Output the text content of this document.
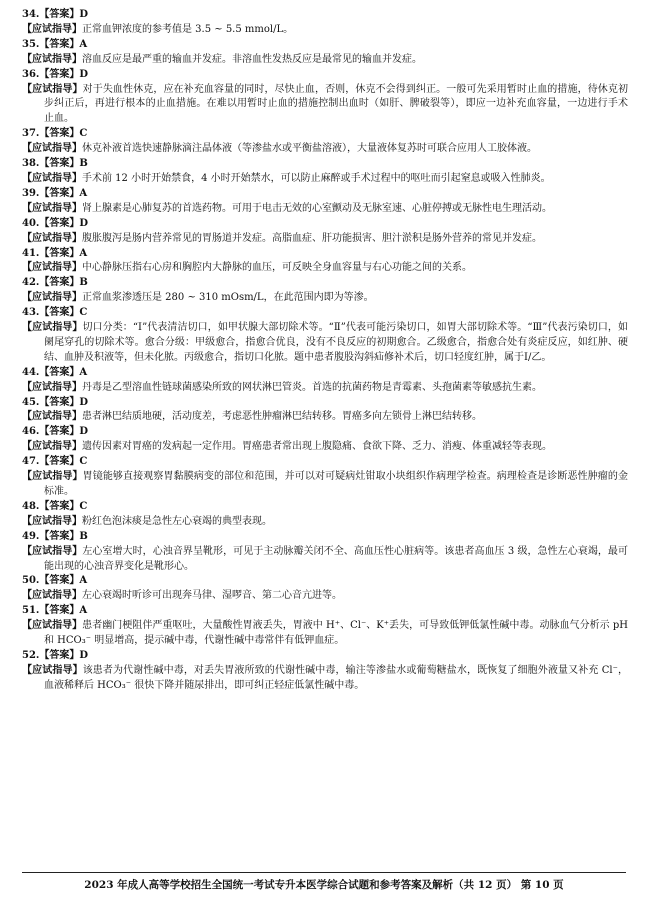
34.【答案】D

【应试指导】正常血钾浓度的参考值是 3.5 ~ 5.5 mmol/L。

35.【答案】A

【应试指导】溶血反应是最严重的输血并发症。非溶血性发热反应是最常见的输血并发症。

36.【答案】D

【应试指导】对于失血性休克，应在补充血容量的同时，尽快止血，否则，休克不会得到纠正。一般可先采用暂时止血的措施，待休克初步纠正后，再进行根本的止血措施。在难以用暂时止血的措施控制出血时（如肝、脾破裂等），即应一边补充血容量，一边进行手术止血。

37.【答案】C

【应试指导】休克补液首选快速静脉滴注晶体液（等渗盐水或平衡盐溶液），大量液体复苏时可联合应用人工胶体液。

38.【答案】B

【应试指导】手术前 12 小时开始禁食，4 小时开始禁水，可以防止麻醉或手术过程中的呕吐而引起窒息或吸入性肺炎。

39.【答案】A

【应试指导】肾上腺素是心肺复苏的首选药物。可用于电击无效的心室颤动及无脉室速、心脏停搏或无脉性电生理活动。

40.【答案】D

【应试指导】腹胀腹泻是肠内营养常见的胃肠道并发症。高脂血症、肝功能损害、胆汁淤积是肠外营养的常见并发症。

41.【答案】A

【应试指导】中心静脉压指右心房和胸腔内大静脉的血压，可反映全身血容量与右心功能之间的关系。

42.【答案】B

【应试指导】正常血浆渗透压是 280 ~ 310 mOsm/L，在此范围内即为等渗。

43.【答案】C

【应试指导】切口分类：“Ⅰ”代表清洁切口，如甲状腺大部切除术等。“Ⅱ”代表可能污染切口，如胃大部切除术等。“Ⅲ”代表污染切口，如阑尾穿孔的切除术等。愈合分级：甲级愈合，指愈合优良，没有不良反应的初期愈合。乙级愈合，指愈合处有炎症反应，如红肿、硬结、血肿及积液等，但未化脓。丙级愈合，指切口化脓。题中患者腹股沟斜疝修补术后，切口轻度红肿，属于Ⅰ/乙。

44.【答案】A

【应试指导】丹毒是乙型溶血性链球菌感染所致的网状淋巴管炎。首选的抗菌药物是青霉素、头孢菌素等敏感抗生素。

45.【答案】D

【应试指导】患者淋巴结质地硬，活动度差，考虑恶性肿瘤淋巴结转移。胃癌多向左锁骨上淋巴结转移。

46.【答案】D

【应试指导】遗传因素对胃癌的发病起一定作用。胃癌患者常出现上腹隐痛、食欲下降、乏力、消瘦、体重减轻等表现。

47.【答案】C

【应试指导】胃镜能够直接观察胃黏膜病变的部位和范围，并可以对可疑病灶钳取小块组织作病理学检查。病理检查是诊断恶性肿瘤的金标准。

48.【答案】C

【应试指导】粉红色泡沫痰是急性左心衰竭的典型表现。

49.【答案】B

【应试指导】左心室增大时，心浊音界呈靴形，可见于主动脉瓣关闭不全、高血压性心脏病等。该患者高血压 3 级，急性左心衰竭，最可能出现的心浊音界变化是靴形心。

50.【答案】A

【应试指导】左心衰竭时听诊可出现奔马律、湿啰音、第二心音亢进等。

51.【答案】A

【应试指导】患者幽门梗阻伴严重呕吐，大量酸性胃液丢失，胃液中 H⁺、Cl⁻、K⁺丢失，可导致低钾低氯性碱中毒。动脉血气分析示 pH 和 HCO₃⁻ 明显增高，提示碱中毒，代谢性碱中毒常伴有低钾血症。

52.【答案】D

【应试指导】该患者为代谢性碱中毒，对丢失胃液所致的代谢性碱中毒，输注等渗盐水或葡萄糖盐水，既恢复了细胞外液量又补充 Cl⁻，血液稀释后 HCO₃⁻ 很快下降并随尿排出，即可纠正轻症低氯性碱中毒。

2023 年成人高等学校招生全国统一考试专升本医学综合试题和参考答案及解析（共 12 页） 第 10 页
